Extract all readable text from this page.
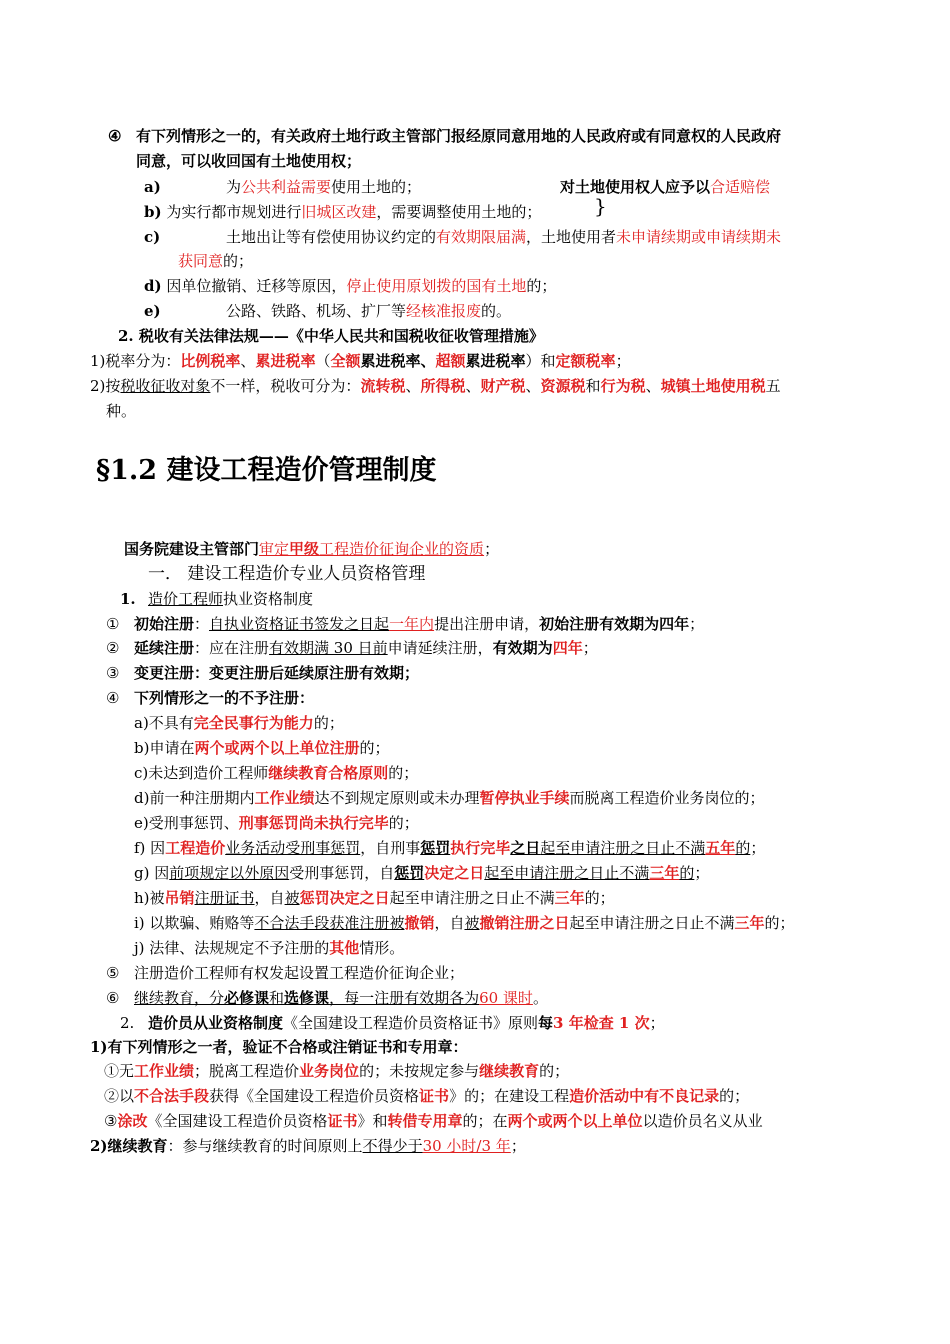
④ 有下列情形之一的，有关政府土地行政主管部门报经原同意用地的人民政府或有同意权的人民政府
同意，可以收回国有土地使用权；
a)	为公共利益需要使用土地的；	对土地使用权人应予以合适赔偿
}
b) 为实行都市规划进行旧城区改建，需要调整使用土地的；
c)	土地出让等有偿使用协议约定的有效期限届满，土地使用者未申请续期或申请续期未
获同意的；
d) 因单位撤销、迁移等原因，停止使用原划拨的国有土地的；
e)	公路、铁路、机场、扩厂等经核准报废的。
2. 税收有关法律法规——《中华人民共和国税收征收管理措施》
1)税率分为：比例税率、累进税率（全额累进税率、超额累进税率）和定额税率；
2)按税收征收对象不一样，税收可分为：流转税、所得税、财产税、资源税和行为税、城镇土地使用税五
种。
§1.2 建设工程造价管理制度
国务院建设主管部门审定甲级工程造价征询企业的资质；
一． 建设工程造价专业人员资格管理
1. 造价工程师执业资格制度
① 初始注册：自执业资格证书签发之日起一年内提出注册申请，初始注册有效期为四年；
② 延续注册：应在注册有效期满 30 日前申请延续注册，有效期为四年；
③ 变更注册：变更注册后延续原注册有效期；
④ 下列情形之一的不予注册：
a)不具有完全民事行为能力的；
b)申请在两个或两个以上单位注册的；
c)未达到造价工程师继续教育合格原则的；
d)前一种注册期内工作业绩达不到规定原则或未办理暂停执业手续而脱离工程造价业务岗位的；
e)受刑事惩罚、刑事惩罚尚未执行完毕的；
f) 因工程造价业务活动受刑事惩罚，自刑事惩罚执行完毕之日起至申请注册之日止不满五年的；
g) 因前项规定以外原因受刑事惩罚，自惩罚决定之日起至申请注册之日止不满三年的；
h)被吊销注册证书，自被惩罚决定之日起至申请注册之日止不满三年的；
i) 以欺骗、贿赂等不合法手段获准注册被撤销，自被撤销注册之日起至申请注册之日止不满三年的；
j) 法律、法规规定不予注册的其他情形。
⑤ 注册造价工程师有权发起设置工程造价征询企业；
⑥ 继续教育，分必修课和选修课，每一注册有效期各为60 课时。
2. 造价员从业资格制度《全国建设工程造价员资格证书》原则每3 年检查 1 次；
1)有下列情形之一者，验证不合格或注销证书和专用章：
①无工作业绩；脱离工程造价业务岗位的；未按规定参与继续教育的；
②以不合法手段获得《全国建设工程造价员资格证书》的；在建设工程造价活动中有不良记录的；
③涂改《全国建设工程造价员资格证书》和转借专用章的；在两个或两个以上单位以造价员名义从业
2)继续教育：参与继续教育的时间原则上不得少于30 小时/3 年；
